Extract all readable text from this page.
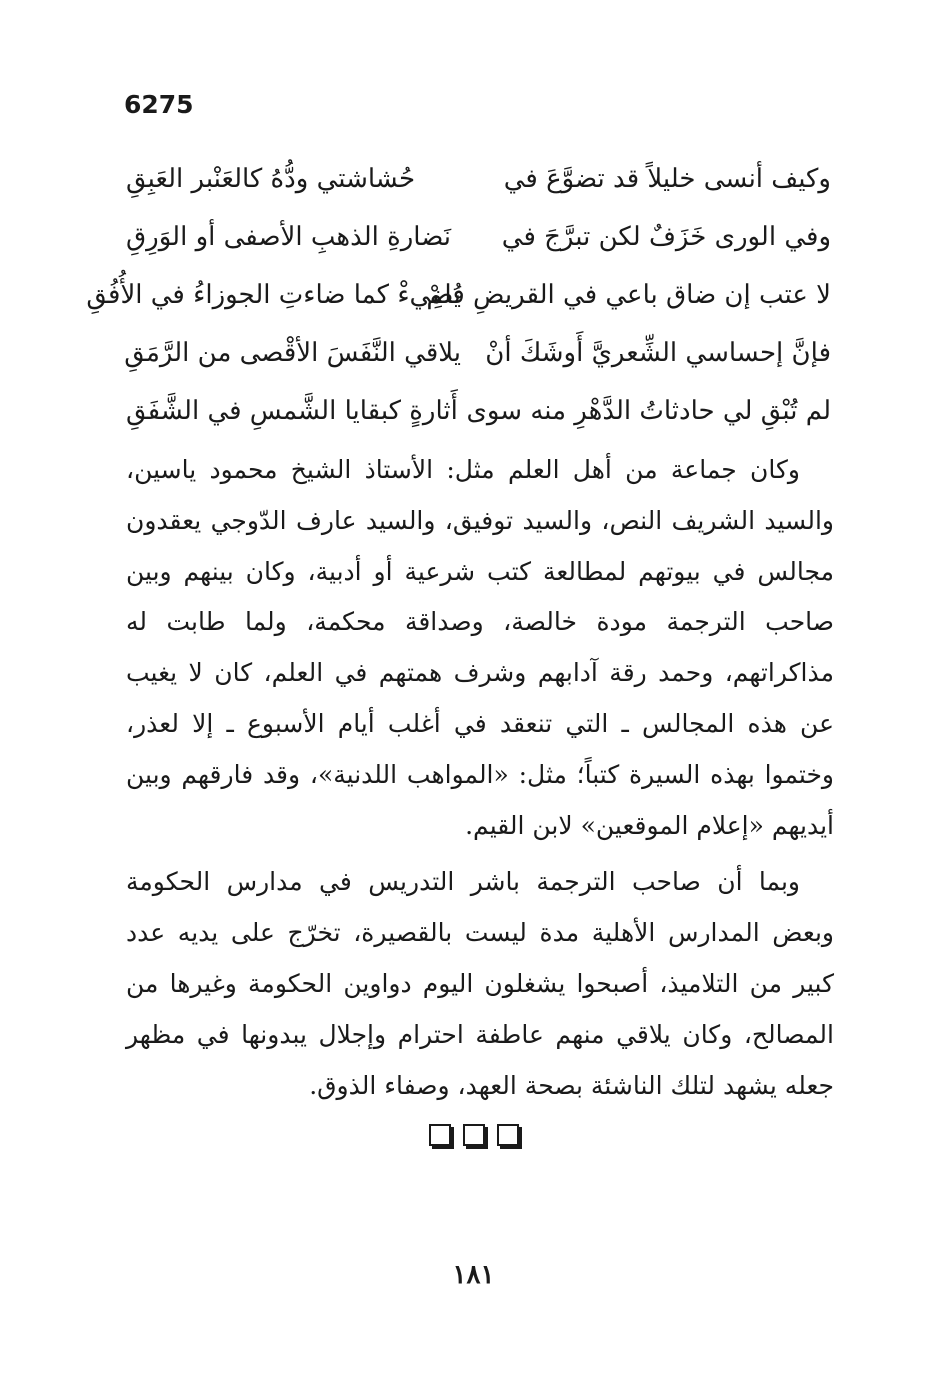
6275
وكيف أنسى خليلاً قد تضوَّعَ في
حُشاشتي ودُّهُ كالعَنْبر العَبِقِ
وفي الورى خَزَفٌ لكن تبرَّجَ في
نَضارةِ الذهبِ الأصفى أو الوَرِقِ
لا عتب إن ضاق باعي في القريضِ فلمْ
يُضِيءْ كما ضاءتِ الجوزاءُ في الأُفُقِ
فإنَّ إحساسي الشِّعريَّ أَوشَكَ أنْ
يلاقي النَّفَسَ الأقْصى من الرَّمَقِ
لم تُبْقِ لي حادثاتُ الدَّهْرِ منه سوى
أَثارةٍ كبقايا الشَّمسِ في الشَّفَقِ

وكان جماعة من أهل العلم مثل: الأستاذ الشيخ محمود ياسين، والسيد الشريف النص، والسيد توفيق، والسيد عارف الدّوجي يعقدون مجالس في بيوتهم لمطالعة كتب شرعية أو أدبية، وكان بينهم وبين صاحب الترجمة مودة خالصة، وصداقة محكمة، ولما طابت له مذاكراتهم، وحمد رقة آدابهم وشرف همتهم في العلم، كان لا يغيب عن هذه المجالس ـ التي تنعقد في أغلب أيام الأسبوع ـ إلا لعذر، وختموا بهذه السيرة كتباً؛ مثل: «المواهب اللدنية»، وقد فارقهم وبين أيديهم «إعلام الموقعين» لابن القيم.

وبما أن صاحب الترجمة باشر التدريس في مدارس الحكومة وبعض المدارس الأهلية مدة ليست بالقصيرة، تخرّج على يديه عدد كبير من التلاميذ، أصبحوا يشغلون اليوم دواوين الحكومة وغيرها من المصالح، وكان يلاقي منهم عاطفة احترام وإجلال يبدونها في مظهر جعله يشهد لتلك الناشئة بصحة العهد، وصفاء الذوق.

١٨١
